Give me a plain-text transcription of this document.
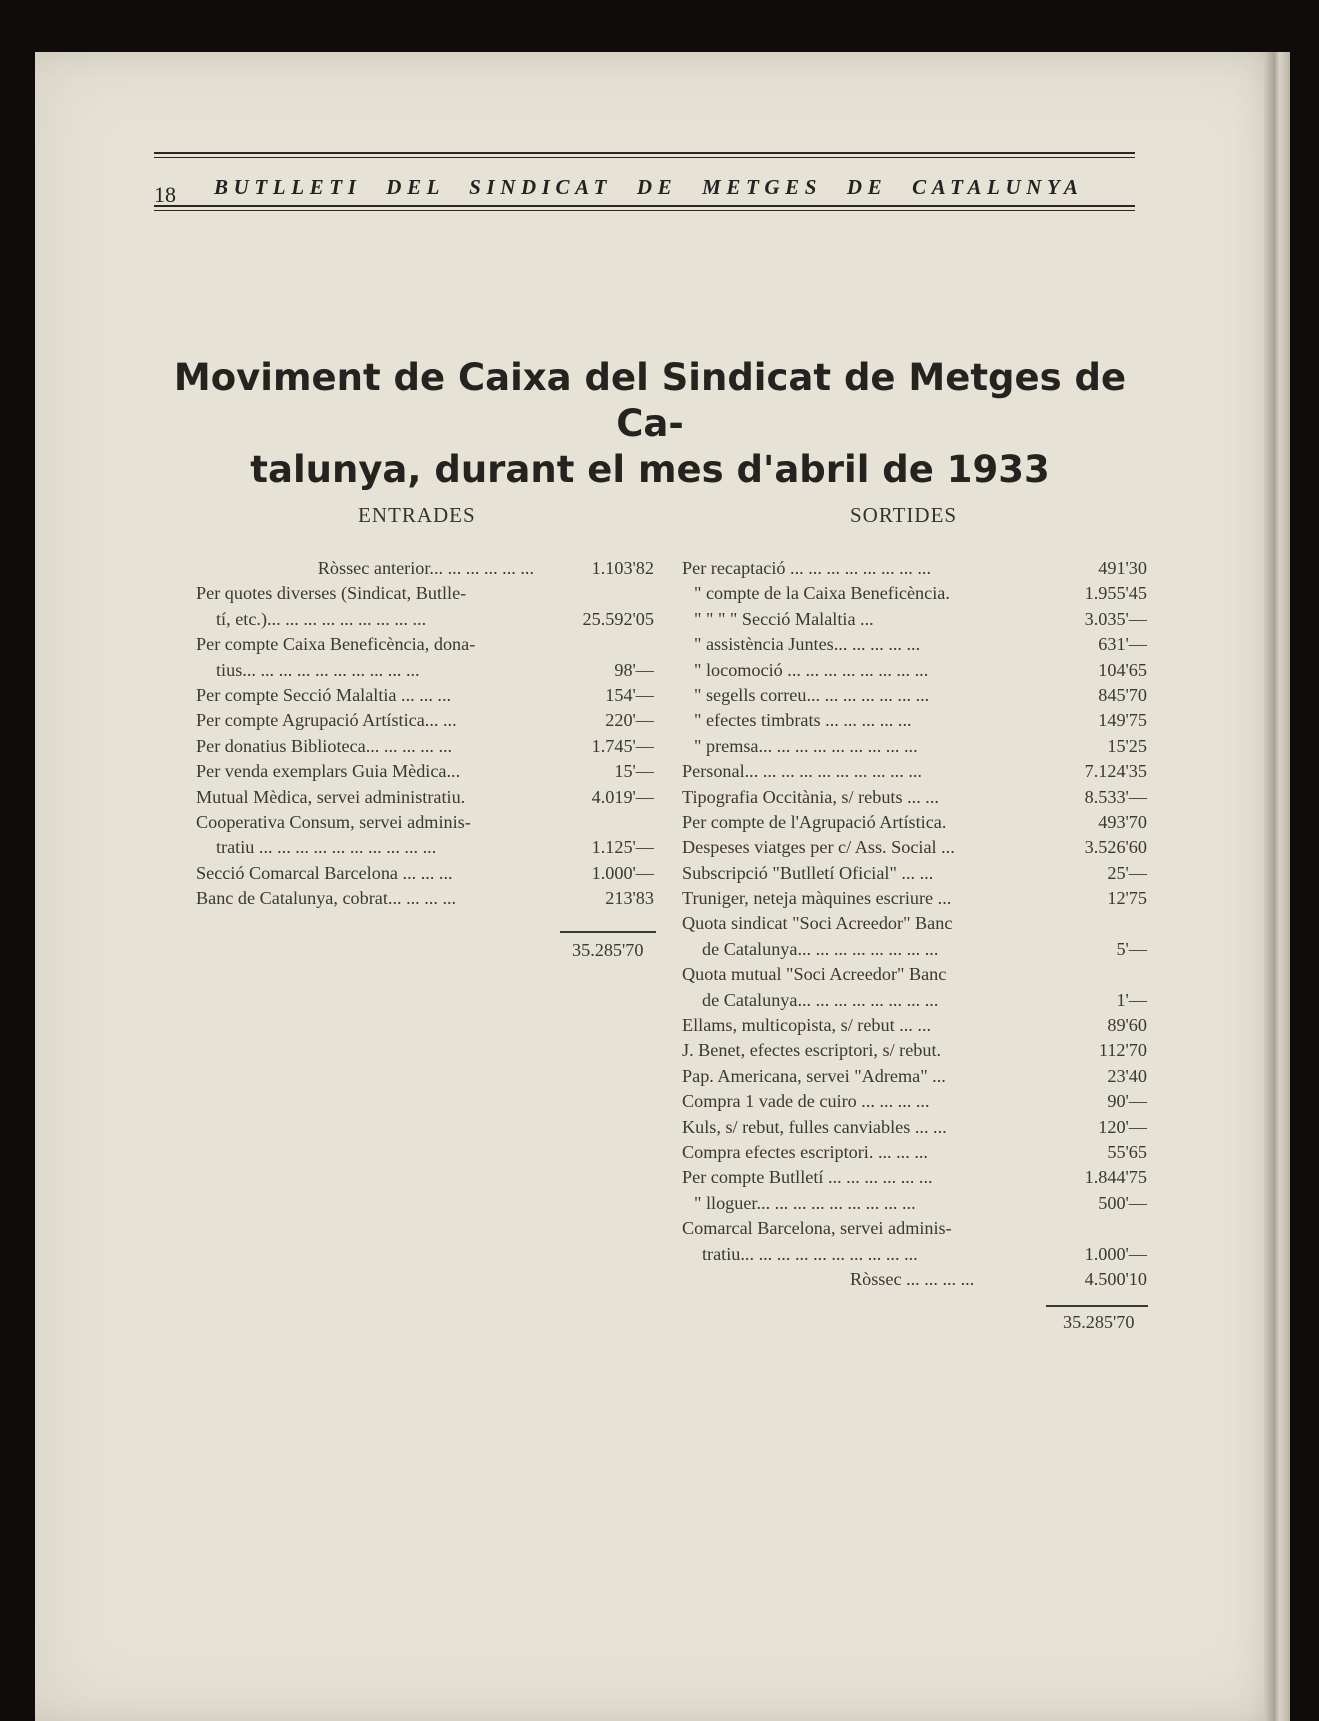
18 BUTLLETI DEL SINDICAT DE METGES DE CATALUNYA
Moviment de Caixa del Sindicat de Metges de Ca-
talunya, durant el mes d'abril de 1933
ENTRADES	SORTIDES
Ròssec anterior... ... ... ... ... ...	1.103'82
Per quotes diverses (Sindicat, Butlle-
tí, etc.)... ... ... ... ... ... ... ... ...	25.592'05
Per compte Caixa Beneficència, dona-
tius... ... ... ... ... ... ... ... ... ...	98'—
Per compte Secció Malaltia ... ... ...	154'—
Per compte Agrupació Artística... ...	220'—
Per donatius Biblioteca... ... ... ... ...	1.745'—
Per venda exemplars Guia Mèdica...	15'—
Mutual Mèdica, servei administratiu.	4.019'—
Cooperativa Consum, servei adminis-
tratiu ... ... ... ... ... ... ... ... ... ...	1.125'—
Secció Comarcal Barcelona ... ... ...	1.000'—
Banc de Catalunya, cobrat... ... ... ...	213'83
35.285'70
Per recaptació ... ... ... ... ... ... ... ...	491'30
" compte de la Caixa Beneficència.	1.955'45
" " " " Secció Malaltia ...	3.035'—
" assistència Juntes... ... ... ... ...	631'—
" locomoció ... ... ... ... ... ... ... ...	104'65
" segells correu... ... ... ... ... ... ...	845'70
" efectes timbrats ... ... ... ... ...	149'75
" premsa... ... ... ... ... ... ... ... ...	15'25
Personal... ... ... ... ... ... ... ... ... ...	7.124'35
Tipografia Occitània, s/ rebuts ... ...	8.533'—
Per compte de l'Agrupació Artística.	493'70
Despeses viatges per c/ Ass. Social ...	3.526'60
Subscripció "Butlletí Oficial" ... ...	25'—
Truniger, neteja màquines escriure ...	12'75
Quota sindicat "Soci Acreedor" Banc
de Catalunya... ... ... ... ... ... ... ...	5'—
Quota mutual "Soci Acreedor" Banc
de Catalunya... ... ... ... ... ... ... ...	1'—
Ellams, multicopista, s/ rebut ... ...	89'60
J. Benet, efectes escriptori, s/ rebut.	112'70
Pap. Americana, servei "Adrema" ...	23'40
Compra 1 vade de cuiro ... ... ... ...	90'—
Kuls, s/ rebut, fulles canviables ... ...	120'—
Compra efectes escriptori. ... ... ...	55'65
Per compte Butlletí ... ... ... ... ... ...	1.844'75
" lloguer... ... ... ... ... ... ... ... ...	500'—
Comarcal Barcelona, servei adminis-
tratiu... ... ... ... ... ... ... ... ... ...	1.000'—
Ròssec ... ... ... ...	4.500'10
35.285'70
